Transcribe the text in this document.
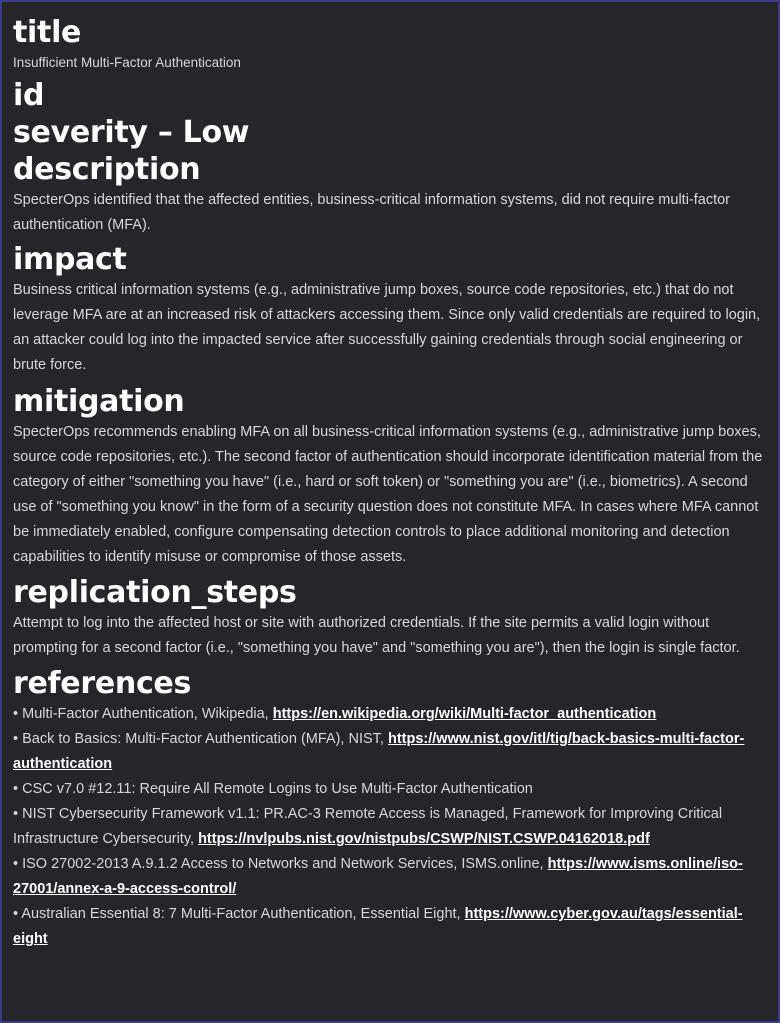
title

Insufficient Multi-Factor Authentication

id
severity – Low
description

SpecterOps identified that the affected entities, business-critical information systems, did not require multi-factor authentication (MFA).

impact

Business critical information systems (e.g., administrative jump boxes, source code repositories, etc.) that do not leverage MFA are at an increased risk of attackers accessing them. Since only valid credentials are required to login, an attacker could log into the impacted service after successfully gaining credentials through social engineering or brute force.

mitigation

SpecterOps recommends enabling MFA on all business-critical information systems (e.g., administrative jump boxes, source code repositories, etc.). The second factor of authentication should incorporate identification material from the category of either "something you have" (i.e., hard or soft token) or "something you are" (i.e., biometrics). A second use of "something you know" in the form of a security question does not constitute MFA. In cases where MFA cannot be immediately enabled, configure compensating detection controls to place additional monitoring and detection capabilities to identify misuse or compromise of those assets.

replication_steps

Attempt to log into the affected host or site with authorized credentials. If the site permits a valid login without prompting for a second factor (i.e., "something you have" and "something you are"), then the login is single factor.

references
• Multi-Factor Authentication, Wikipedia, https://en.wikipedia.org/wiki/Multi-factor_authentication
• Back to Basics: Multi-Factor Authentication (MFA), NIST, https://www.nist.gov/itl/tig/back-basics-multi-factor-authentication
• CSC v7.0 #12.11: Require All Remote Logins to Use Multi-Factor Authentication
• NIST Cybersecurity Framework v1.1: PR.AC-3 Remote Access is Managed, Framework for Improving Critical Infrastructure Cybersecurity, https://nvlpubs.nist.gov/nistpubs/CSWP/NIST.CSWP.04162018.pdf
• ISO 27002-2013 A.9.1.2 Access to Networks and Network Services, ISMS.online, https://www.isms.online/iso-27001/annex-a-9-access-control/
• Australian Essential 8: 7 Multi-Factor Authentication, Essential Eight, https://www.cyber.gov.au/tags/essential-eight
